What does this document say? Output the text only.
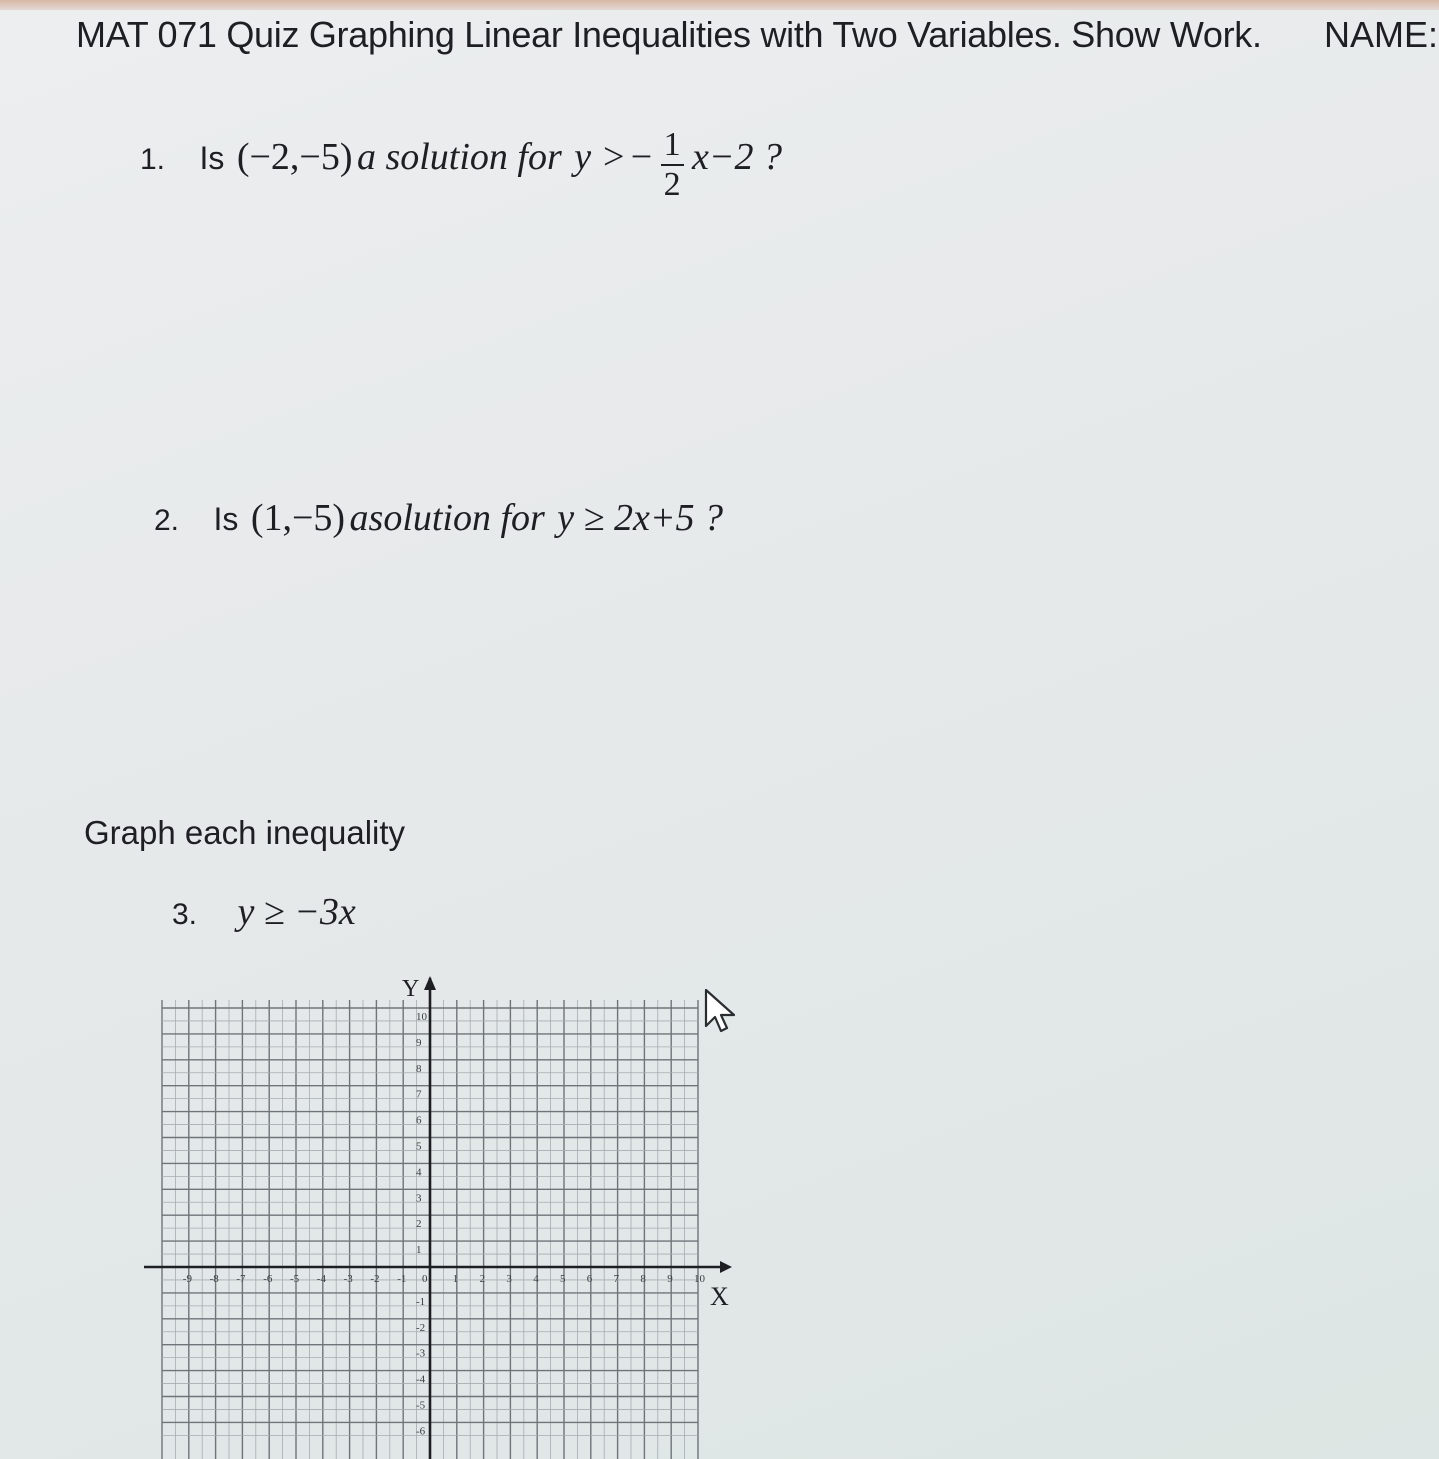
MAT 071 Quiz Graphing Linear Inequalities with Two Variables. Show Work. NAME:
1. Is (−2,−5) a solution for y > − $\frac{1}{2} x-2$ ?
2. Is (1,−5) asolution for y ≥ 2x+5 ?
Graph each inequality
3. y ≥ −3x
Y
X
-9 -8 -7 -6 -5 -4 -3 -2 -1 0 1 2 3 4 5 6 7 8 9 10
10
9
8
7
6
5
4
3
2
1
-1
-2
-3
-4
-5
-6
